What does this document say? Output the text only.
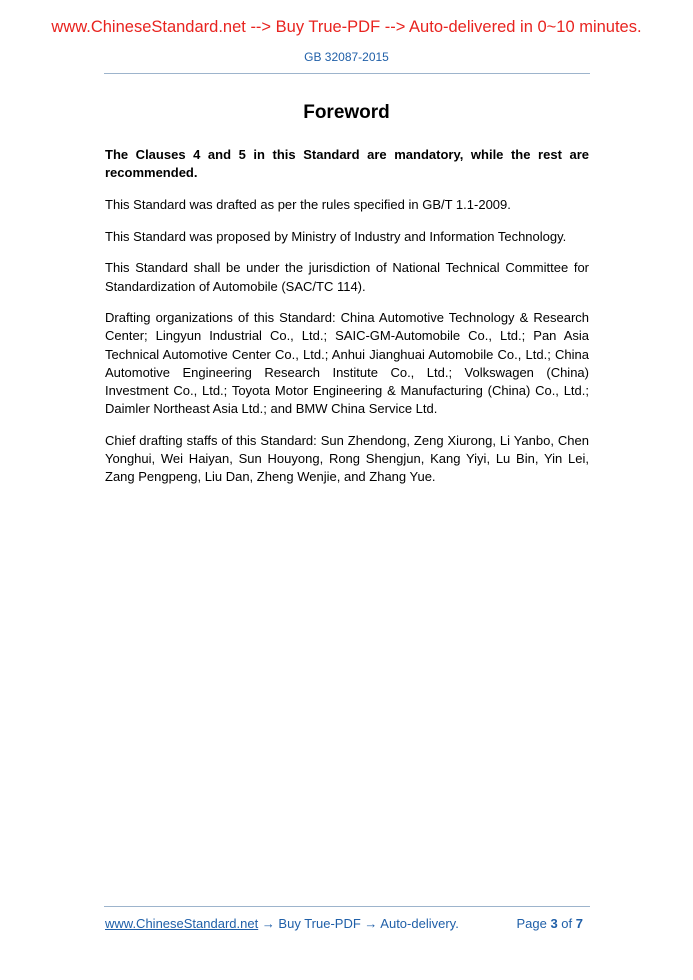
www.ChineseStandard.net --> Buy True-PDF --> Auto-delivered in 0~10 minutes.
GB 32087-2015
Foreword

The Clauses 4 and 5 in this Standard are mandatory, while the rest are recommended.

This Standard was drafted as per the rules specified in GB/T 1.1-2009.

This Standard was proposed by Ministry of Industry and Information Technology.

This Standard shall be under the jurisdiction of National Technical Committee for Standardization of Automobile (SAC/TC 114).

Drafting organizations of this Standard: China Automotive Technology & Research Center; Lingyun Industrial Co., Ltd.; SAIC-GM-Automobile Co., Ltd.; Pan Asia Technical Automotive Center Co., Ltd.; Anhui Jianghuai Automobile Co., Ltd.; China Automotive Engineering Research Institute Co., Ltd.; Volkswagen (China) Investment Co., Ltd.; Toyota Motor Engineering & Manufacturing (China) Co., Ltd.; Daimler Northeast Asia Ltd.; and BMW China Service Ltd.

Chief drafting staffs of this Standard: Sun Zhendong, Zeng Xiurong, Li Yanbo, Chen Yonghui, Wei Haiyan, Sun Houyong, Rong Shengjun, Kang Yiyi, Lu Bin, Yin Lei, Zang Pengpeng, Liu Dan, Zheng Wenjie, and Zhang Yue.

www.ChineseStandard.net → Buy True-PDF → Auto-delivery.	Page 3 of 7
